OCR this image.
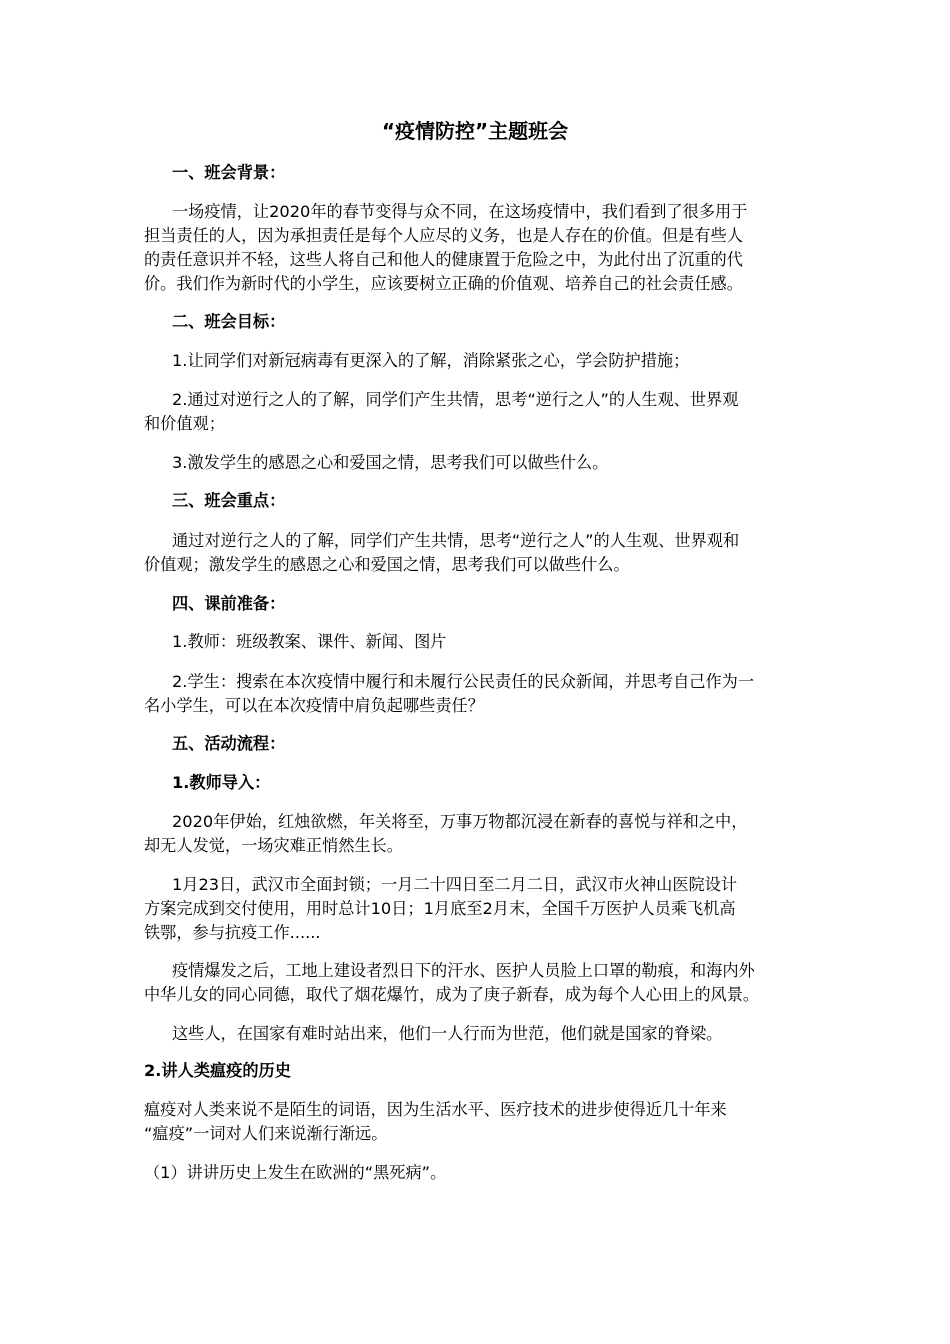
“疫情防控”主题班会
一、班会背景：
一场疫情，让2020年的春节变得与众不同，在这场疫情中，我们看到了很多用于
担当责任的人，因为承担责任是每个人应尽的义务，也是人存在的价值。但是有些人
的责任意识并不轻，这些人将自己和他人的健康置于危险之中，为此付出了沉重的代
价。我们作为新时代的小学生，应该要树立正确的价值观、培养自己的社会责任感。
二、班会目标：
1.让同学们对新冠病毒有更深入的了解，消除紧张之心，学会防护措施；
2.通过对逆行之人的了解，同学们产生共情，思考“逆行之人”的人生观、世界观
和价值观；
3.激发学生的感恩之心和爱国之情，思考我们可以做些什么。
三、班会重点：
通过对逆行之人的了解，同学们产生共情，思考“逆行之人”的人生观、世界观和
价值观；激发学生的感恩之心和爱国之情，思考我们可以做些什么。
四、课前准备：
1.教师：班级教案、课件、新闻、图片
2.学生：搜索在本次疫情中履行和未履行公民责任的民众新闻，并思考自己作为一
名小学生，可以在本次疫情中肩负起哪些责任？
五、活动流程：
1.教师导入：
2020年伊始，红烛欲燃，年关将至，万事万物都沉浸在新春的喜悦与祥和之中，
却无人发觉，一场灾难正悄然生长。
1月23日，武汉市全面封锁；一月二十四日至二月二日，武汉市火神山医院设计
方案完成到交付使用，用时总计10日；1月底至2月末，全国千万医护人员乘飞机高
铁鄂，参与抗疫工作......
疫情爆发之后，工地上建设者烈日下的汗水、医护人员脸上口罩的勒痕，和海内外
中华儿女的同心同德，取代了烟花爆竹，成为了庚子新春，成为每个人心田上的风景。
这些人，在国家有难时站出来，他们一人行而为世范，他们就是国家的脊梁。
2.讲人类瘟疫的历史
瘟疫对人类来说不是陌生的词语，因为生活水平、医疗技术的进步使得近几十年来
“瘟疫”一词对人们来说渐行渐远。
（1）讲讲历史上发生在欧洲的“黑死病”。
